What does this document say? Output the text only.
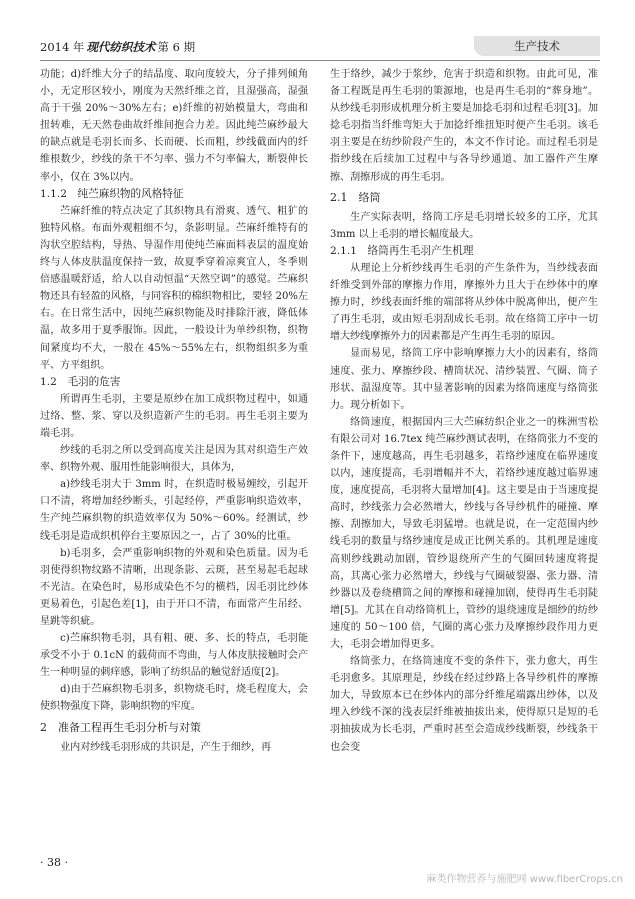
2014 年 现代纺织技术 第 6 期	生产技术

功能；d)纤维大分子的结晶度、取向度较大，分子排列倾角小，无定形区较小，刚度为天然纤维之首，且湿强高，湿强高于干强 20%～30%左右；e)纤维的初始模量大，弯曲和扭转难，无天然卷曲故纤维间抱合力差。因此纯苎麻纱最大的缺点就是毛羽长而多、长而硬、长而粗，纱线截面内的纤维根数少，纱线的条干不匀率、强力不匀率偏大，断裂伸长率小，仅在 3%以内。

1.1.2　纯苎麻织物的风格特征

苎麻纤维的特点决定了其织物具有滑爽、透气、粗犷的独特风格。布面外观粗细不匀，条影明显。苎麻纤维特有的沟状空腔结构，导热、导湿作用使纯苎麻面料表层的温度始终与人体皮肤温度保持一致，故夏季穿着凉爽宜人，冬季则倍感温暖舒适，给人以自动恒温“天然空调”的感觉。苎麻织物还具有轻盈的风格，与同容积的棉织物相比，要轻 20%左右。在日常生活中，因纯苎麻织物能及时排除汗液，降低体温，故多用于夏季服饰。因此，一般设计为单纱织物，织物间紧度均不大，一般在 45%～55%左右，织物组织多为重平、方平组织。

1.2　毛羽的危害

所谓再生毛羽，主要是原纱在加工成织物过程中，如通过络、整、浆、穿以及织造新产生的毛羽。再生毛羽主要为端毛羽。

纱线的毛羽之所以受到高度关注是因为其对织造生产效率、织物外观、服用性能影响很大，具体为，

a)纱线毛羽大于 3mm 时，在织造时极易缠绞，引起开口不清，将增加经纱断头，引起经停，严重影响织造效率，生产纯苎麻织物的织造效率仅为 50%～60%。经测试，纱线毛羽是造成织机停台主要原因之一，占了 30%的比重。

b)毛羽多，会严重影响织物的外观和染色质量。因为毛羽使得织物纹路不清晰，出现条影、云斑，甚至易起毛起球不光洁。在染色时，易形成染色不匀的横档，因毛羽比纱体更易着色，引起色差[1]，由于开口不清，布面常产生吊经、星跳等织疵。

c)苎麻织物毛羽，具有粗、硬、多、长的特点，毛羽能承受不小于 0.1cN 的载荷而不弯曲，与人体皮肤接触时会产生一种明显的刺痒感，影响了纺织品的触觉舒适度[2]。

d)由于苎麻织物毛羽多，织物烧毛时，烧毛程度大，会使织物强度下降，影响织物的牢度。

2　准备工程再生毛羽分析与对策

业内对纱线毛羽形成的共识是，产生于细纱，再

生于络纱，减少于浆纱，危害于织造和织物。由此可见，准备工程既是再生毛羽的策源地，也是再生毛羽的“葬身地”。从纱线毛羽形成机理分析主要是加捻毛羽和过程毛羽[3]。加捻毛羽指当纤维弯矩大于加捻纤维扭矩时便产生毛羽。该毛羽主要是在纺纱阶段产生的，本文不作讨论。而过程毛羽是指纱线在后续加工过程中与各导纱通道、加工器件产生摩擦、刮擦形成的再生毛羽。

2.1　络筒

生产实际表明，络筒工序是毛羽增长较多的工序，尤其 3mm 以上毛羽的增长幅度最大。

2.1.1　络筒再生毛羽产生机理

从理论上分析纱线再生毛羽的产生条件为，当纱线表面纤维受到外部的摩擦力作用，摩擦外力且大于在纱体中的摩擦力时，纱线表面纤维的端部将从纱体中脱离伸出，便产生了再生毛羽，或由短毛羽刮成长毛羽。故在络筒工序中一切增大纱线摩擦外力的因素都是产生再生毛羽的原因。

显而易见，络筒工序中影响摩擦力大小的因素有，络筒速度、张力、摩擦纱段、槽筒状况、清纱装置、气圈、筒子形状、温湿度等。其中显著影响的因素为络筒速度与络筒张力。现分析如下。

络筒速度，根据国内三大苎麻纺织企业之一的株洲雪松有限公司对 16.7tex 纯苎麻纱测试表明，在络筒张力不变的条件下，速度越高，再生毛羽越多，若络纱速度在临界速度以内，速度提高，毛羽增幅并不大，若络纱速度越过临界速度，速度提高，毛羽将大量增加[4]。这主要是由于当速度提高时，纱线张力会必然增大，纱线与各导纱机件的碰撞、摩擦、刮擦加大，导致毛羽猛增。也就是说，在一定范围内纱线毛羽的数量与络纱速度是成正比例关系的。其机理是速度高则纱线跳动加剧，管纱退绕所产生的气圈回转速度将提高，其离心张力必然增大，纱线与气圈破裂器、张力器、清纱器以及卷绕槽筒之间的摩擦和碰撞加剧，使得再生毛羽陡增[5]。尤其在自动络筒机上，管纱的退绕速度是细纱的纺纱速度的 50～100 倍，气圈的离心张力及摩擦纱段作用力更大，毛羽会增加得更多。

络筒张力，在络筒速度不变的条件下，张力愈大，再生毛羽愈多。其原理是，纱线在经过纱路上各导纱机件的摩擦加大，导致原本已在纱体内的部分纤维尾端露出纱体，以及埋入纱线不深的浅表层纤维被抽拔出来，使得原只是短的毛羽抽拔成为长毛羽，严重时甚至会造成纱线断裂，纱线条干也会变

· 38 ·
麻类作物营养与施肥网 www.fiberCrops.cn
